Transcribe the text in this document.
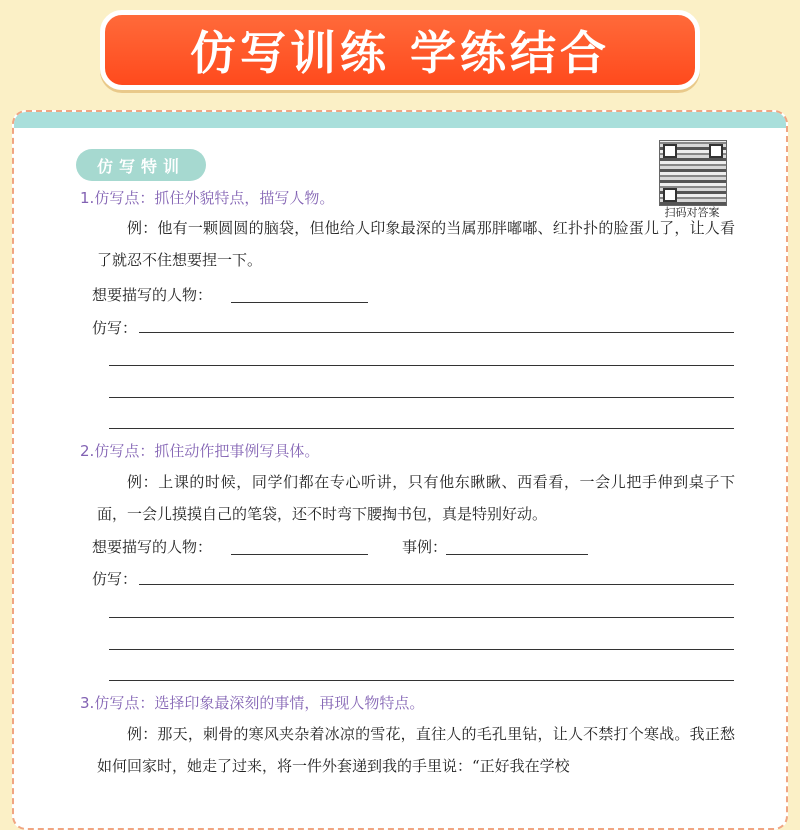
仿写训练 学练结合
仿写特训
扫码对答案
1.仿写点：抓住外貌特点，描写人物。
例：他有一颗圆圆的脑袋，但他给人印象最深的当属那胖嘟嘟、红扑扑的脸蛋儿了，让人看了就忍不住想要捏一下。
想要描写的人物：
仿写：
2.仿写点：抓住动作把事例写具体。
例：上课的时候，同学们都在专心听讲，只有他东瞅瞅、西看看，一会儿把手伸到桌子下面，一会儿摸摸自己的笔袋，还不时弯下腰掏书包，真是特别好动。
想要描写的人物：	事例：
仿写：
3.仿写点：选择印象最深刻的事情，再现人物特点。
例：那天，刺骨的寒风夹杂着冰凉的雪花，直往人的毛孔里钻，让人不禁打个寒战。我正愁如何回家时，她走了过来，将一件外套递到我的手里说：“正好我在学校
